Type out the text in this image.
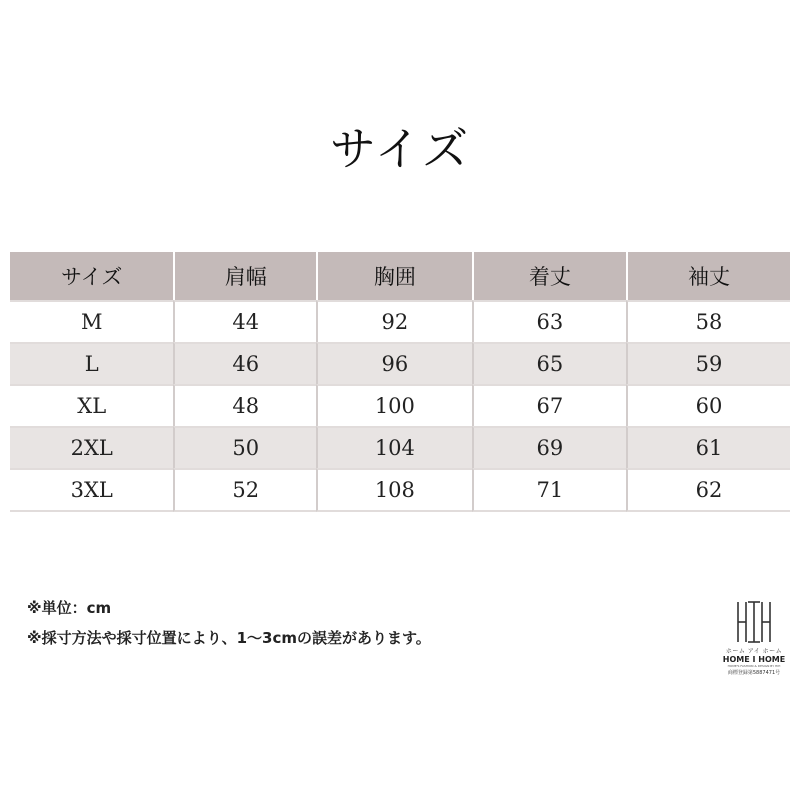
サイズ
サイズ	肩幅	胸囲	着丈	袖丈
M	44	92	63	58
L	46	96	65	59
XL	48	100	67	60
2XL	50	104	69	61
3XL	52	108	71	62
※単位：cm
※採寸方法や採寸位置により、1～3cmの誤差があります。
ホーム アイ ホーム
HOME I HOME
HOME'S FASHION & DESIGN BY HIH
商標登録第5887471号
